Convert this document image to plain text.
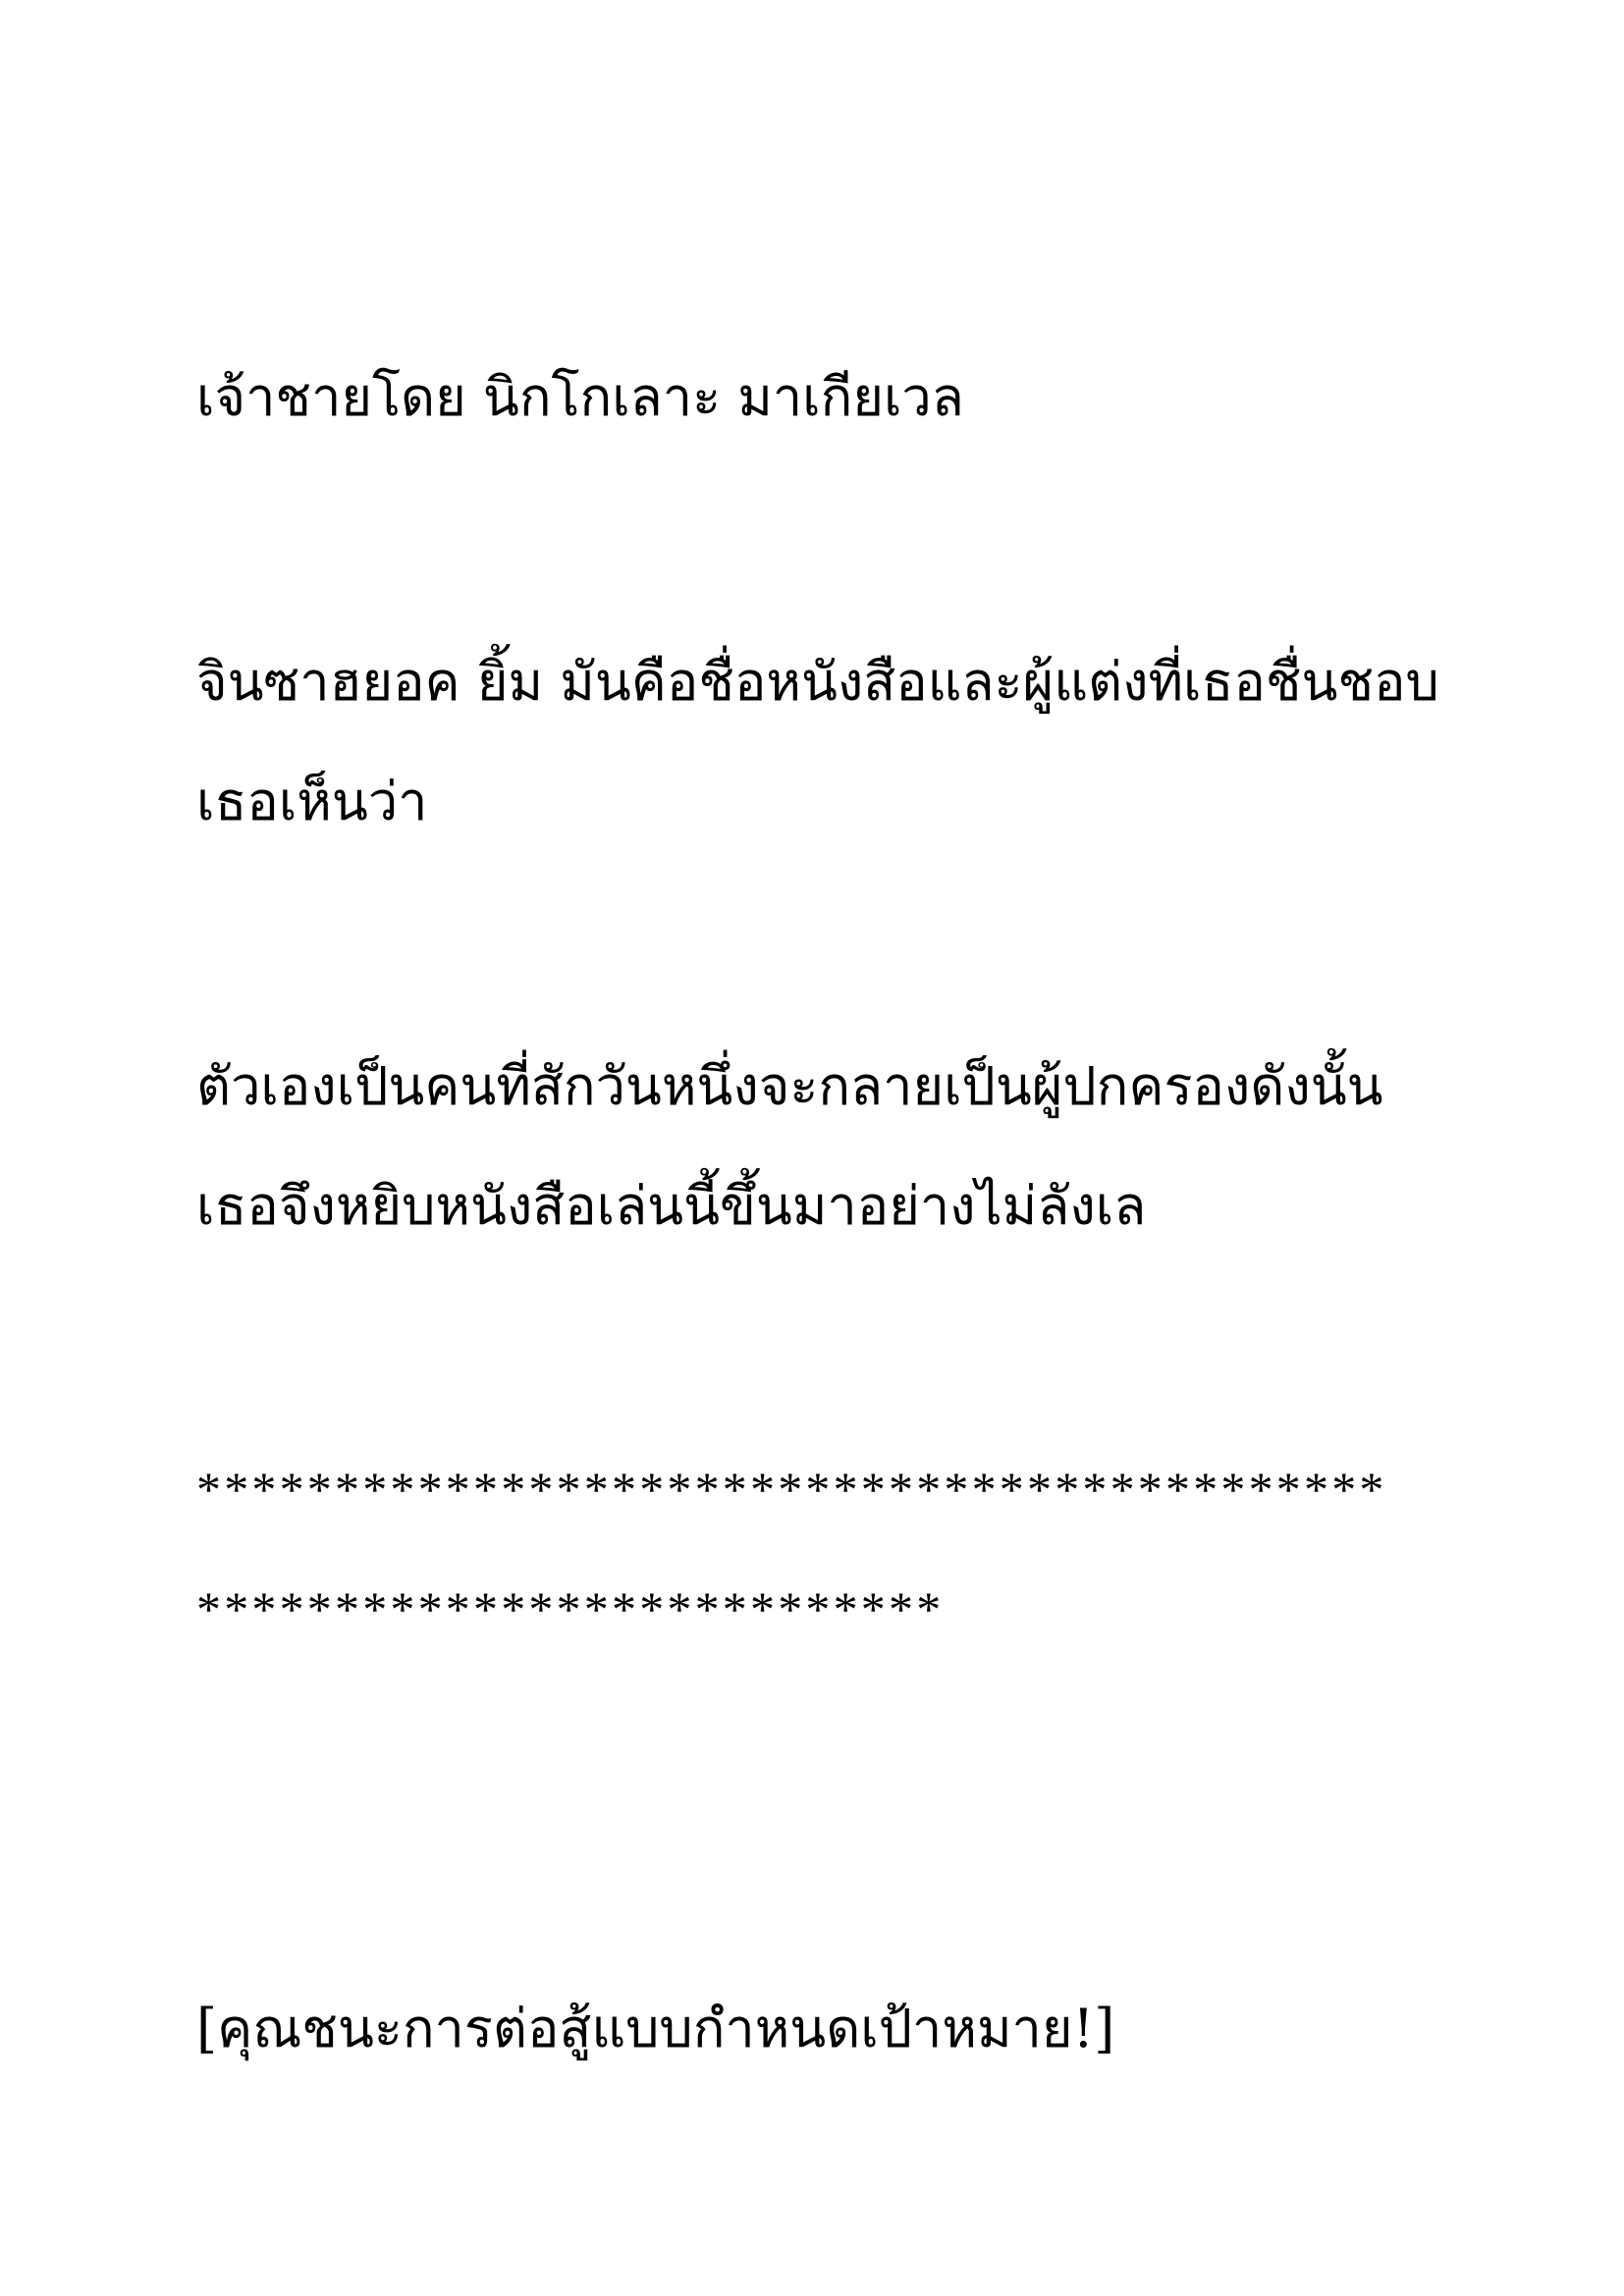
เจ้าชายโดย นิกโกเลาะ มาเกียเวล
จินซาฮยอค ยิ้ม มันคือชื่อหนังสือและผู้แต่งที่เธอชื่นชอบ
เธอเห็นว่า
ตัวเองเป็นคนที่สักวันหนึ่งจะกลายเป็นผู้ปกครองดังนั้น
เธอจึงหยิบหนังสือเล่นนี้ขึ้นมาอย่างไม่ลังเล
*******************************************
***************************
[คุณชนะการต่อสู้แบบกำหนดเป้าหมาย!]
